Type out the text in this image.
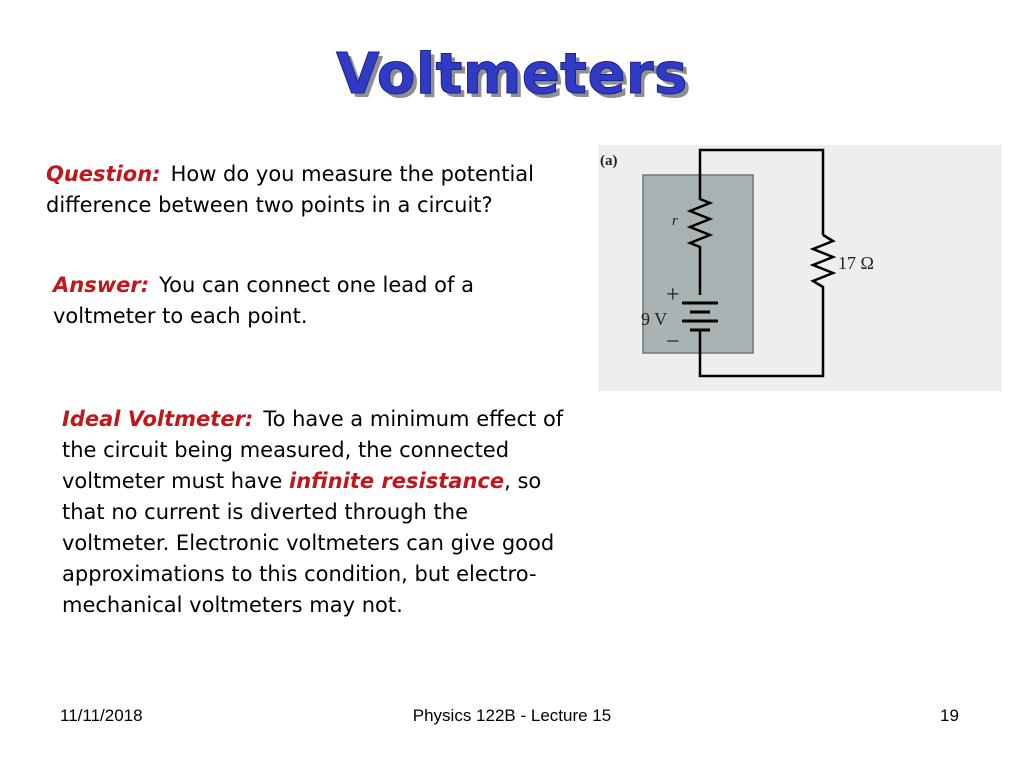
Voltmeters
Question: How do you measure the potential difference between two points in a circuit?
Answer: You can connect one lead of a voltmeter to each point.
Ideal Voltmeter: To have a minimum effect of the circuit being measured, the connected voltmeter must have infinite resistance, so that no current is diverted through the voltmeter. Electronic voltmeters can give good approximations to this condition, but electro-mechanical voltmeters may not.
(a)
r
17 Ω
9 V
+
−
11/11/2018	Physics 122B - Lecture 15	19
